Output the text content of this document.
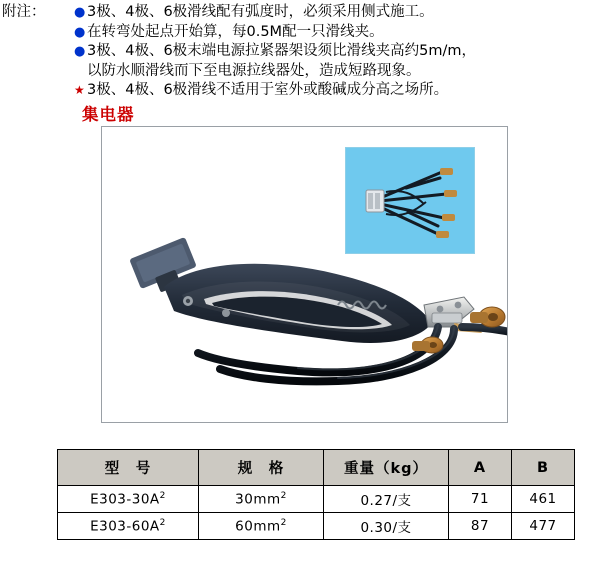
附注：	● 3极、4极、6极滑线配有弧度时，必须采用侧式施工。
● 在转弯处起点开始算，每0.5M配一只滑线夹。
● 3极、4极、6极末端电源拉紧器架设须比滑线夹高约5m/m，

以防水顺滑线而下至电源拉线器处，造成短路现象。
★ 3极、4极、6极滑线不适用于室外或酸碱成分高之场所。
集电器
型　号	规　格	重量（kg）	A	B
$E303-30A^2$	$30mm^2$	0.27/支	71	461
$E303-60A^2$	$60mm^2$	0.30/支	87	477
